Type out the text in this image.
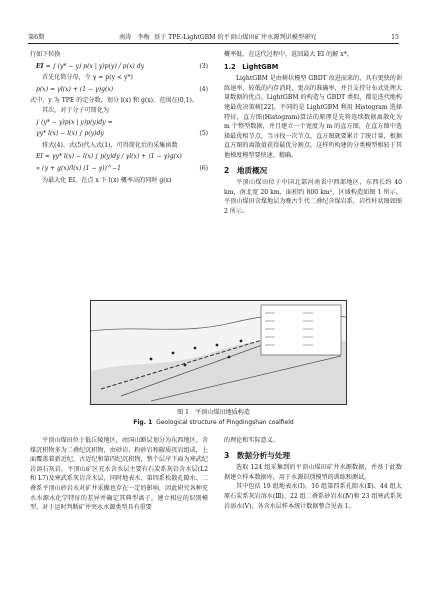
第6期	南涛　李梅 基于 TPE-LightGBM 的平顶山煤田矿井水源判识模型研究	15

行如下转换

EI = ∫ (y* − y) p(x | y)p(y) / p(x) dy	(3)

首先化简分母，令 γ = p(y < y*)

p(x) = γl(x) + (1 − γ)g(x)	(4)

式中，y 为 TPE 的定分数，划分 l(x) 和 g(x)，范围在(0,1)。

其次，对于分子可简化为

∫ (y* − y)p(x | y)p(y)dy =
γy* l(x) − l(x) ∫ p(y)dy	(5)

将式(4)、式(5)代入式(1)，可得简化后的采集函数

EI = γy* l(x) − l(x) ∫ p(y)dy / γl(x) + (1 − γ)g(x)
∝ (γ + g(x)/l(x) (1 − γ))^−1	(6)

为最大化 EI，在点 x 下 l(x) 概率高的同时 g(x)

概率低。在这代过程中，返回最大 EI 的解 x*。

1.2　LightGBM

LightGBM 是由树状模型 GBDT 改进而来的，具有更快的训练速率、较低的内存消耗、更高的准确率，并且支持分布式处理大量数据的优点。LightGBM 的构造与 GBDT 类似，都是迭代地构建最优决策树[22]。不同的是 LightGBM 利用 Histogram 选择特征，直方图(Histogram)算法的原理是先将连续数据离散化为 m 个整型数据，并且建立一个宽度为 m 的直方图，在直方图中选择最优相节点，当寻找一次节点，直方图就要累计了统计量，根据直方图的离散值获得最优分割点。这样所构建的分类模型相较于其他梯度模型要快速、精确。

2　地质概况

平顶山煤田位于中国北部河南省中西部地区，东西长约 40 km，南北宽 20 km，面积约 800 km²，区域构造如图 1 所示。平顶山煤田含煤地层为晚古生代二叠纪含煤岩系，岩性柱状图如图 2 所示。

图 1　平顶山煤田地质构造
Fig. 1 Geological structure of Pingdingshan coalfield

平顶山煤田位于低丘陵地区，由国山断层划分为东西地区。含煤沉积物多为二叠纪沉积物，由砂岩、粉砂岩和碳质页岩组成，上面覆盖着新近纪，古近纪和第四纪沉积物，整个层序下面为寒武纪岩溶石灰岩。平顶山矿区充水含水层主要有石炭系灰岩含水层(L2 和 L7)及寒武系灰岩含水层，同时地表水、第四系松散孔隙水、二叠系平顶山砂岩水对矿井采掘也存在一定的影响，因此研究各种充水水源水化学特征的差异并确定其典型离子，建立相应的识别模型，对于运时判断矿井突水水源类型具有重要

的理论和实际意义。

3　数据分析与处理

选取 124 组采集到的平顶山煤田矿井水源数据，并基于此数据建立样本数据库，用于水源识别模型的训练和测试。

其中包括 19 组地表水(Ⅰ)、16 组第四系孔隙水(Ⅱ)、44 组太原石炭系灰岩溶水(Ⅲ)、22 组二叠系砂岩水(Ⅳ)和 23 组寒武系灰岩溶水(Ⅴ)，各含水层样本统计数据整合见表 1。
